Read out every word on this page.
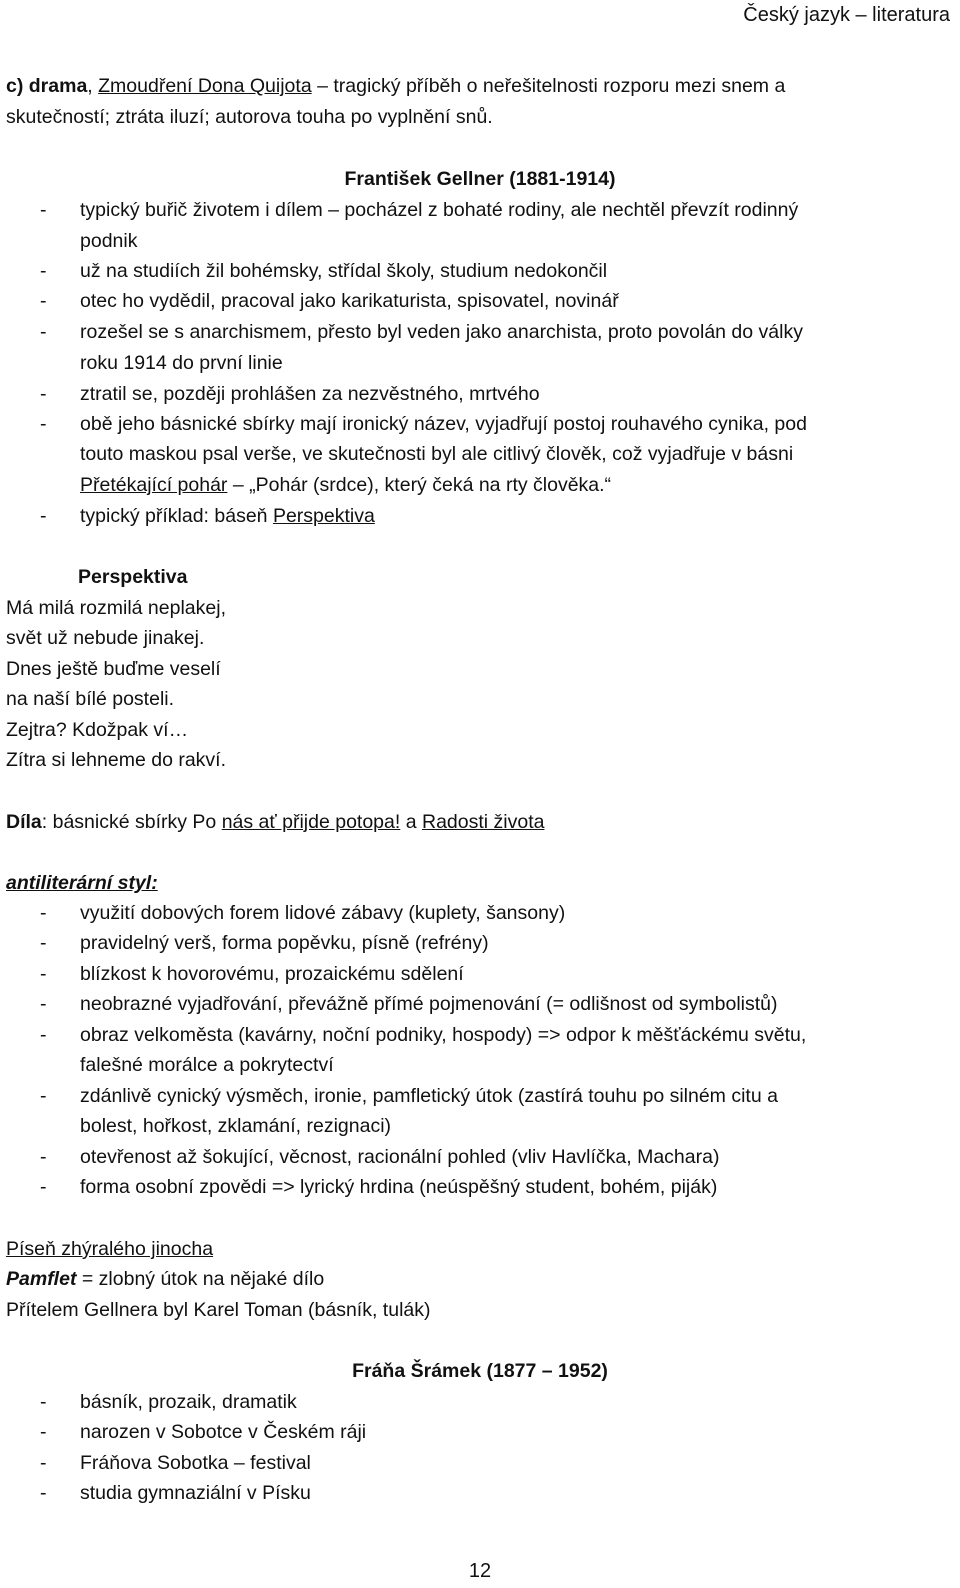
Český jazyk – literatura
c) drama, Zmoudření Dona Quijota – tragický příběh o neřešitelnosti rozporu mezi snem a
skutečností; ztráta iluzí; autorova touha po vyplnění snů.
František Gellner (1881-1914)
- typický buřič životem i dílem – pocházel z bohaté rodiny, ale nechtěl převzít rodinný
podnik
- už na studiích žil bohémsky, střídal školy, studium nedokončil
- otec ho vydědil, pracoval jako karikaturista, spisovatel, novinář
- rozešel se s anarchismem, přesto byl veden jako anarchista, proto povolán do války
roku 1914 do první linie
- ztratil se, později prohlášen za nezvěstného, mrtvého
- obě jeho básnické sbírky mají ironický název, vyjadřují postoj rouhavého cynika, pod
touto maskou psal verše, ve skutečnosti byl ale citlivý člověk, což vyjadřuje v básni
Přetékající pohár – „Pohár (srdce), který čeká na rty člověka.“
- typický příklad: báseň Perspektiva
Perspektiva
Má milá rozmilá neplakej,
svět už nebude jinakej.
Dnes ještě buďme veselí
na naší bílé posteli.
Zejtra? Kdožpak ví…
Zítra si lehneme do rakví.
Díla: básnické sbírky Po nás ať přijde potopa! a Radosti života
antiliterární styl:
- využití dobových forem lidové zábavy (kuplety, šansony)
- pravidelný verš, forma popěvku, písně (refrény)
- blízkost k hovorovému, prozaickému sdělení
- neobrazné vyjadřování, převážně přímé pojmenování (= odlišnost od symbolistů)
- obraz velkoměsta (kavárny, noční podniky, hospody) => odpor k měšťáckému světu,
falešné morálce a pokrytectví
- zdánlivě cynický výsměch, ironie, pamfletický útok (zastírá touhu po silném citu a
bolest, hořkost, zklamání, rezignaci)
- otevřenost až šokující, věcnost, racionální pohled (vliv Havlíčka, Machara)
- forma osobní zpovědi => lyrický hrdina (neúspěšný student, bohém, piják)
Píseň zhýralého jinocha
Pamflet = zlobný útok na nějaké dílo
Přítelem Gellnera byl Karel Toman (básník, tulák)
Fráňa Šrámek (1877 – 1952)
- básník, prozaik, dramatik
- narozen v Sobotce v Českém ráji
- Fráňova Sobotka – festival
- studia gymnaziální v Písku
12
